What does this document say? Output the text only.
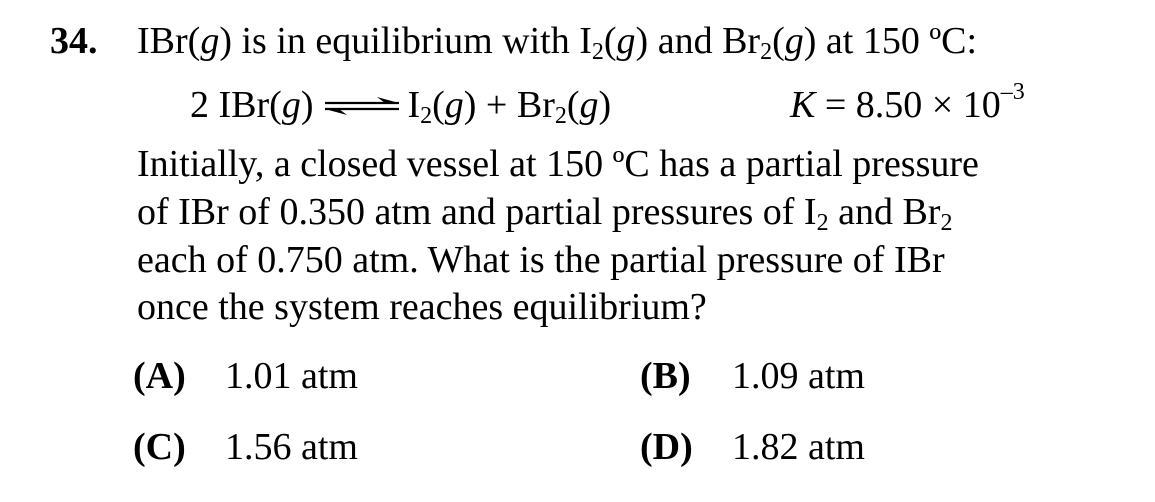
34. IBr(g) is in equilibrium with $I_2(g)$ and $Br_2(g)$ at 150 ºC:
2 IBr(g) ⇌ $I_2(g) + Br_2(g)$	$K = 8.50 \times 10^{-3}$
Initially, a closed vessel at 150 ºC has a partial pressure
of IBr of 0.350 atm and partial pressures of $I_2$ and $Br_2$
each of 0.750 atm. What is the partial pressure of IBr
once the system reaches equilibrium?
(A) 1.01 atm	(B) 1.09 atm
(C) 1.56 atm	(D) 1.82 atm
